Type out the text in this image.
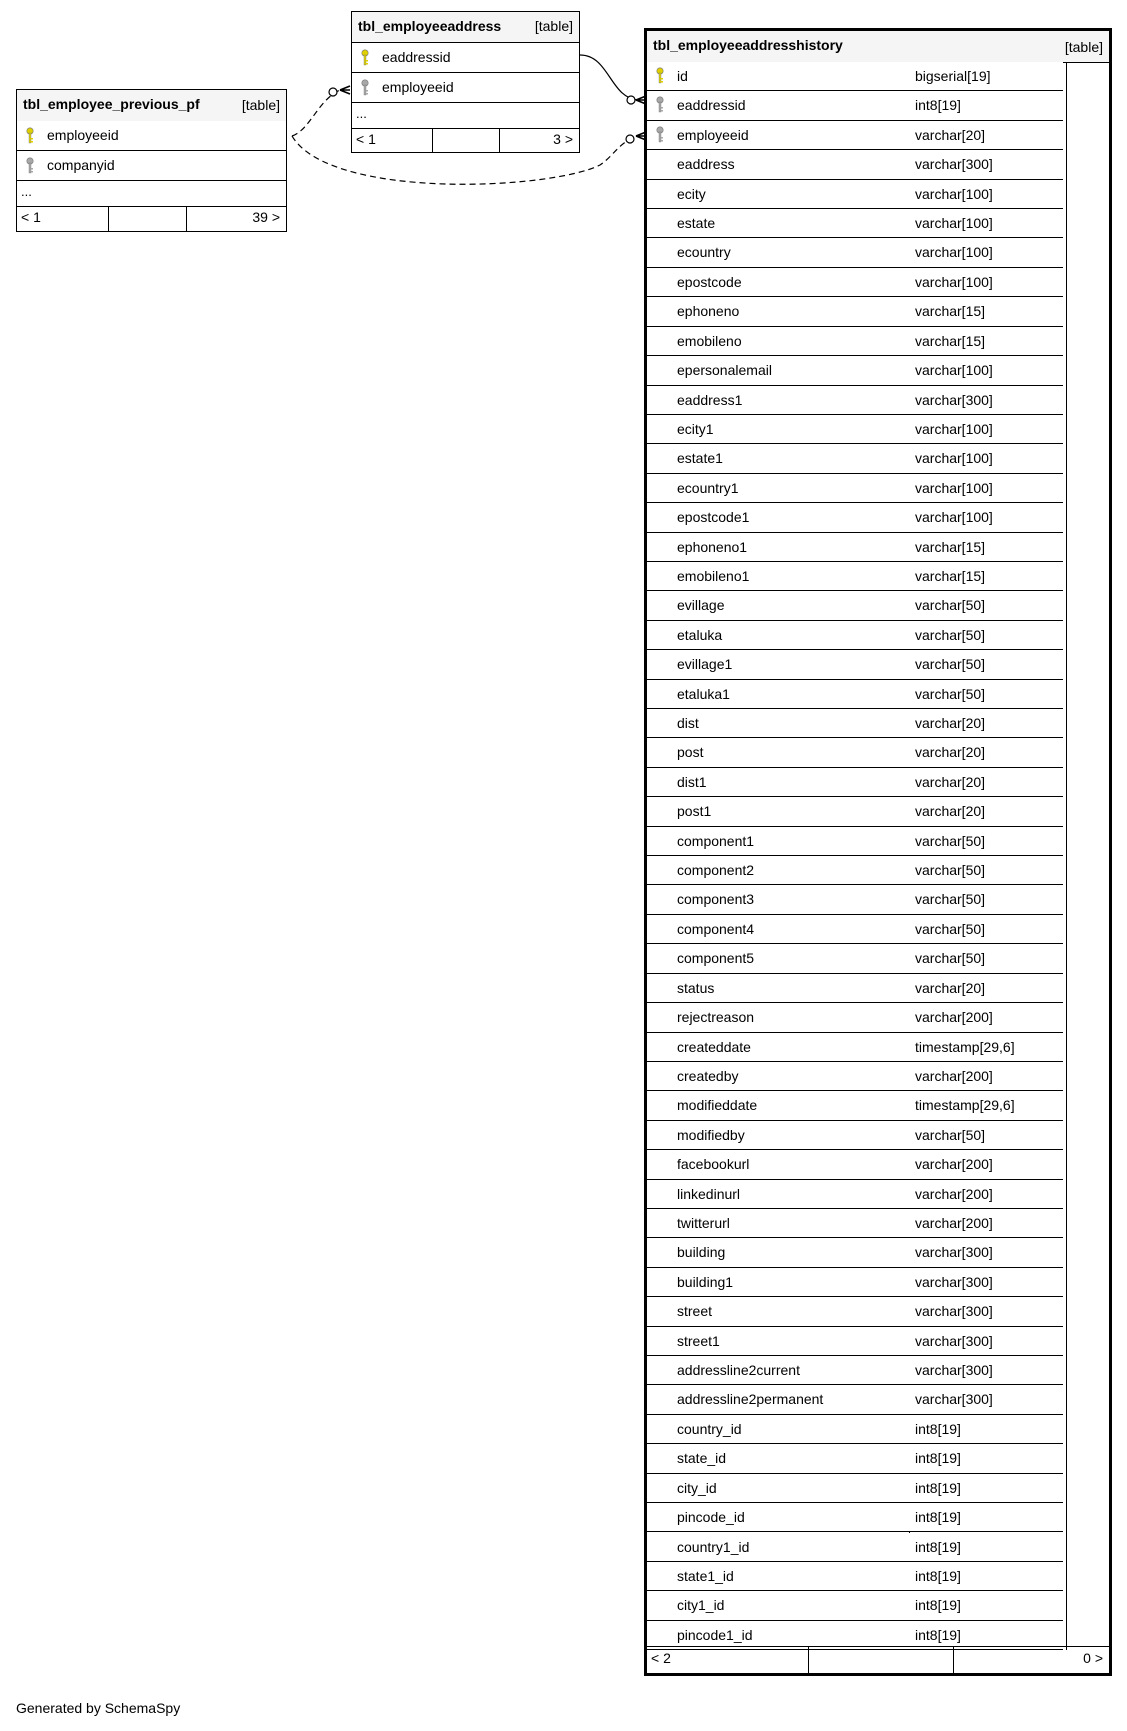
tbl_employeeaddress [table]
eaddressid
employeeid
...
< 1	3 >
tbl_employee_previous_pf	[table]
employeeid
companyid
...
< 1	39 >
tbl_employeeaddresshistory	[table]
id	bigserial[19]
eaddressid	int8[19]
employeeid	varchar[20]
eaddress	varchar[300]
ecity	varchar[100]
estate	varchar[100]
ecountry	varchar[100]
epostcode	varchar[100]
ephoneno	varchar[15]
emobileno	varchar[15]
epersonalemail	varchar[100]
eaddress1	varchar[300]
ecity1	varchar[100]
estate1	varchar[100]
ecountry1	varchar[100]
epostcode1	varchar[100]
ephoneno1	varchar[15]
emobileno1	varchar[15]
evillage	varchar[50]
etaluka	varchar[50]
evillage1	varchar[50]
etaluka1	varchar[50]
dist	varchar[20]
post	varchar[20]
dist1	varchar[20]
post1	varchar[20]
component1	varchar[50]
component2	varchar[50]
component3	varchar[50]
component4	varchar[50]
component5	varchar[50]
status	varchar[20]
rejectreason	varchar[200]
createddate	timestamp[29,6]
createdby	varchar[200]
modifieddate	timestamp[29,6]
modifiedby	varchar[50]
facebookurl	varchar[200]
linkedinurl	varchar[200]
twitterurl	varchar[200]
building	varchar[300]
building1	varchar[300]
street	varchar[300]
street1	varchar[300]
addressline2current	varchar[300]
addressline2permanent	varchar[300]
country_id	int8[19]
state_id	int8[19]
city_id	int8[19]
pincode_id	int8[19]
country1_id	int8[19]
state1_id	int8[19]
city1_id	int8[19]
pincode1_id	int8[19]
< 2	0 >
Generated by SchemaSpy
